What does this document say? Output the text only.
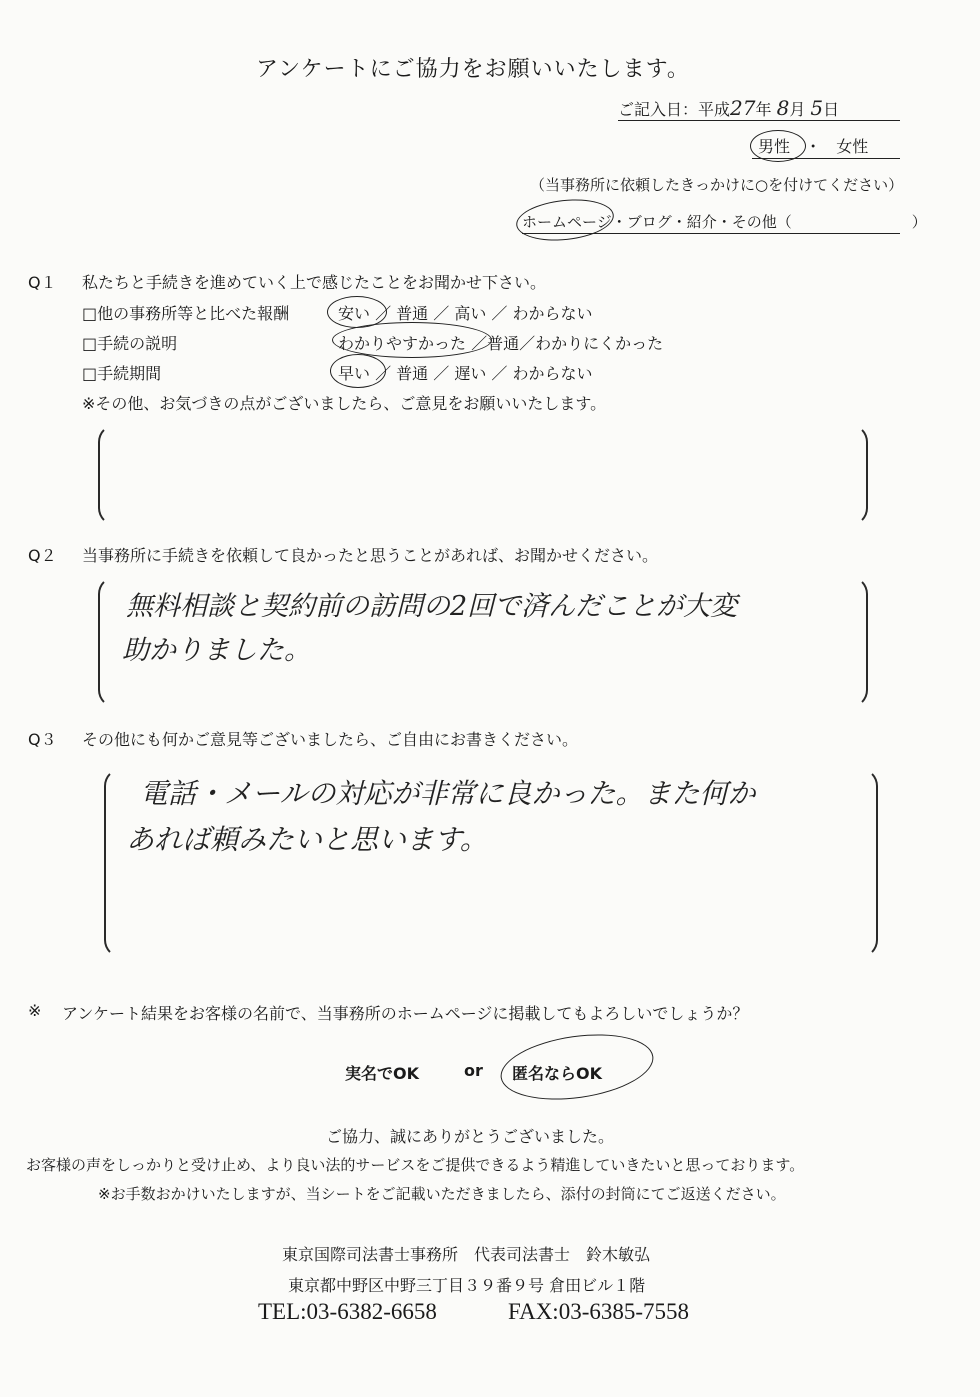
アンケートにご協力をお願いいたします。
ご記入日：平成27年 8月 5日
男性 ・ 女性
（当事務所に依頼したきっかけに○を付けてください）
ホームページ・ブログ・紹介・その他（　　　　　　　　）
Q１ 私たちと手続きを進めていく上で感じたことをお聞かせ下さい。
□他の事務所等と比べた報酬	安い ／ 普通 ／ 高い ／ わからない
□手続の説明	わかりやすかった ／普通／わかりにくかった
□手続期間	早い ／ 普通 ／ 遅い ／ わからない
※その他、お気づきの点がございましたら、ご意見をお願いいたします。
Q２ 当事務所に手続きを依頼して良かったと思うことがあれば、お聞かせください。
無料相談と契約前の訪問の2回で済んだことが大変
助かりました。
Q３ その他にも何かご意見等ございましたら、ご自由にお書きください。
電話・メールの対応が非常に良かった。また何か
あれば頼みたいと思います。
※ アンケート結果をお客様の名前で、当事務所のホームページに掲載してもよろしいでしょうか？
実名でOK	or 匿名ならOK
ご協力、誠にありがとうございました。
お客様の声をしっかりと受け止め、より良い法的サービスをご提供できるよう精進していきたいと思っております。
※お手数おかけいたしますが、当シートをご記載いただきましたら、添付の封筒にてご返送ください。
東京国際司法書士事務所　代表司法書士　鈴木敏弘
東京都中野区中野三丁目３９番９号 倉田ビル１階
TEL:03-6382-6658	FAX:03-6385-7558
